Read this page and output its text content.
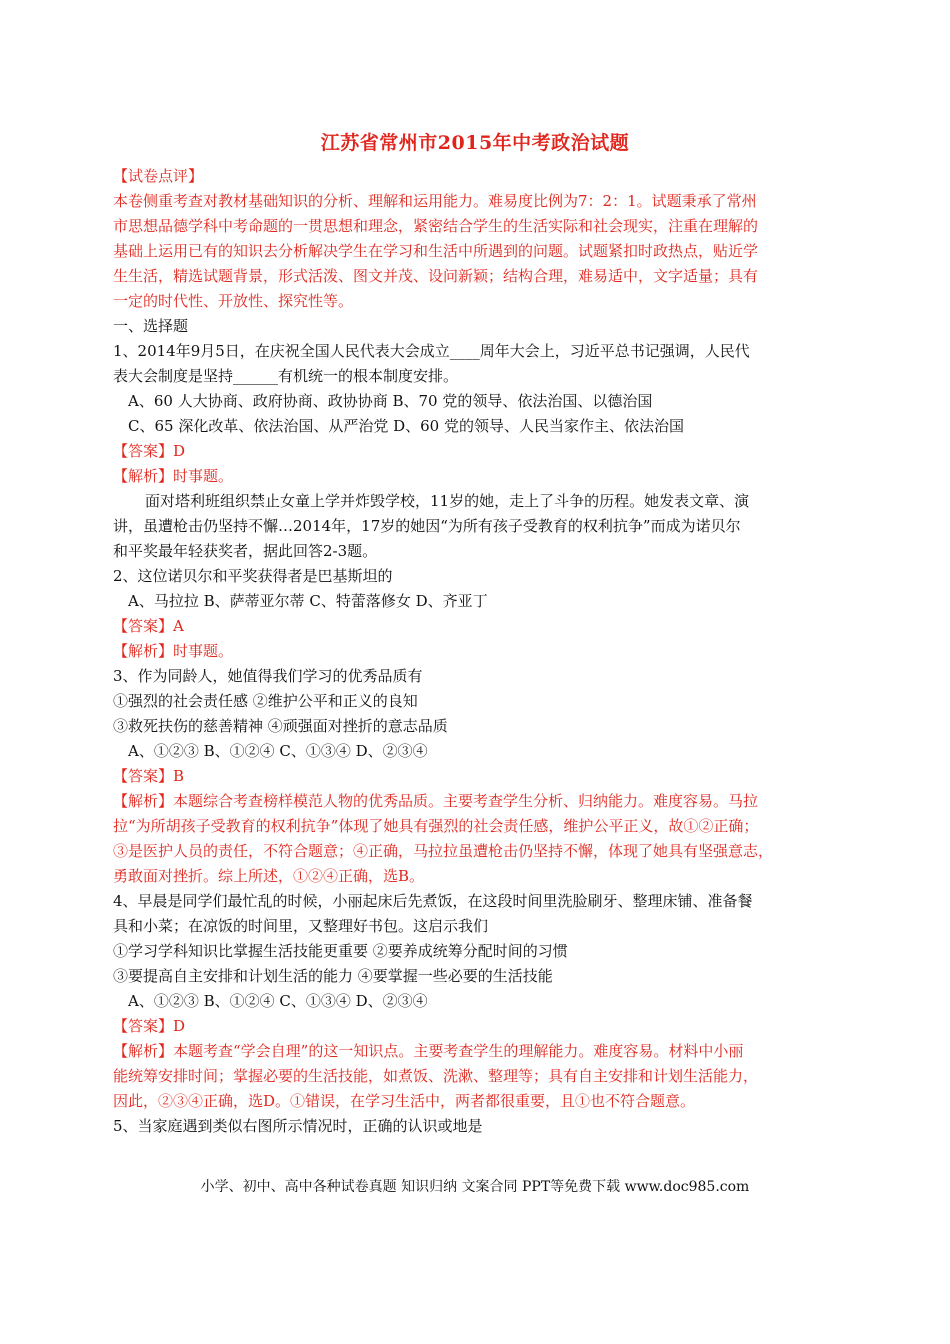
江苏省常州市2015年中考政治试题
【试卷点评】
本卷侧重考查对教材基础知识的分析、理解和运用能力。难易度比例为7：2：1。试题秉承了常州
市思想品德学科中考命题的一贯思想和理念，紧密结合学生的生活实际和社会现实，注重在理解的
基础上运用已有的知识去分析解决学生在学习和生活中所遇到的问题。试题紧扣时政热点，贴近学
生生活，精选试题背景，形式活泼、图文并茂、设问新颖；结构合理，难易适中，文字适量；具有
一定的时代性、开放性、探究性等。
一、选择题
1、2014年9月5日，在庆祝全国人民代表大会成立____周年大会上，习近平总书记强调，人民代
表大会制度是坚持______有机统一的根本制度安排。
A、60 人大协商、政府协商、政协协商 B、70 党的领导、依法治国、以德治国
C、65 深化改革、依法治国、从严治党 D、60 党的领导、人民当家作主、依法治国
【答案】D
【解析】时事题。
面对塔利班组织禁止女童上学并炸毁学校，11岁的她，走上了斗争的历程。她发表文章、演
讲，虽遭枪击仍坚持不懈…2014年，17岁的她因“为所有孩子受教育的权利抗争”而成为诺贝尔
和平奖最年轻获奖者，据此回答2-3题。
2、这位诺贝尔和平奖获得者是巴基斯坦的
A、马拉拉 B、萨蒂亚尔蒂 C、特蕾落修女 D、齐亚丁
【答案】A
【解析】时事题。
3、作为同龄人，她值得我们学习的优秀品质有
①强烈的社会责任感 ②维护公平和正义的良知
③救死扶伤的慈善精神 ④顽强面对挫折的意志品质
A、①②③ B、①②④ C、①③④ D、②③④
【答案】B
【解析】本题综合考查榜样模范人物的优秀品质。主要考查学生分析、归纳能力。难度容易。马拉
拉“为所胡孩子受教育的权利抗争”体现了她具有强烈的社会责任感，维护公平正义，故①②正确；
③是医护人员的责任，不符合题意；④正确，马拉拉虽遭枪击仍坚持不懈，体现了她具有坚强意志，
勇敢面对挫折。综上所述，①②④正确，选B。
4、早晨是同学们最忙乱的时候，小丽起床后先煮饭，在这段时间里洗脸刷牙、整理床铺、准备餐
具和小菜；在凉饭的时间里，又整理好书包。这启示我们
①学习学科知识比掌握生活技能更重要 ②要养成统筹分配时间的习惯
③要提高自主安排和计划生活的能力 ④要掌握一些必要的生活技能
A、①②③ B、①②④ C、①③④ D、②③④
【答案】D
【解析】本题考查“学会自理”的这一知识点。主要考查学生的理解能力。难度容易。材料中小丽
能统筹安排时间；掌握必要的生活技能，如煮饭、洗漱、整理等；具有自主安排和计划生活能力，
因此，②③④正确，选D。①错误，在学习生活中，两者都很重要，且①也不符合题意。
5、当家庭遇到类似右图所示情况时，正确的认识或地是
小学、初中、高中各种试卷真题 知识归纳 文案合同 PPT等免费下载 www.doc985.com
